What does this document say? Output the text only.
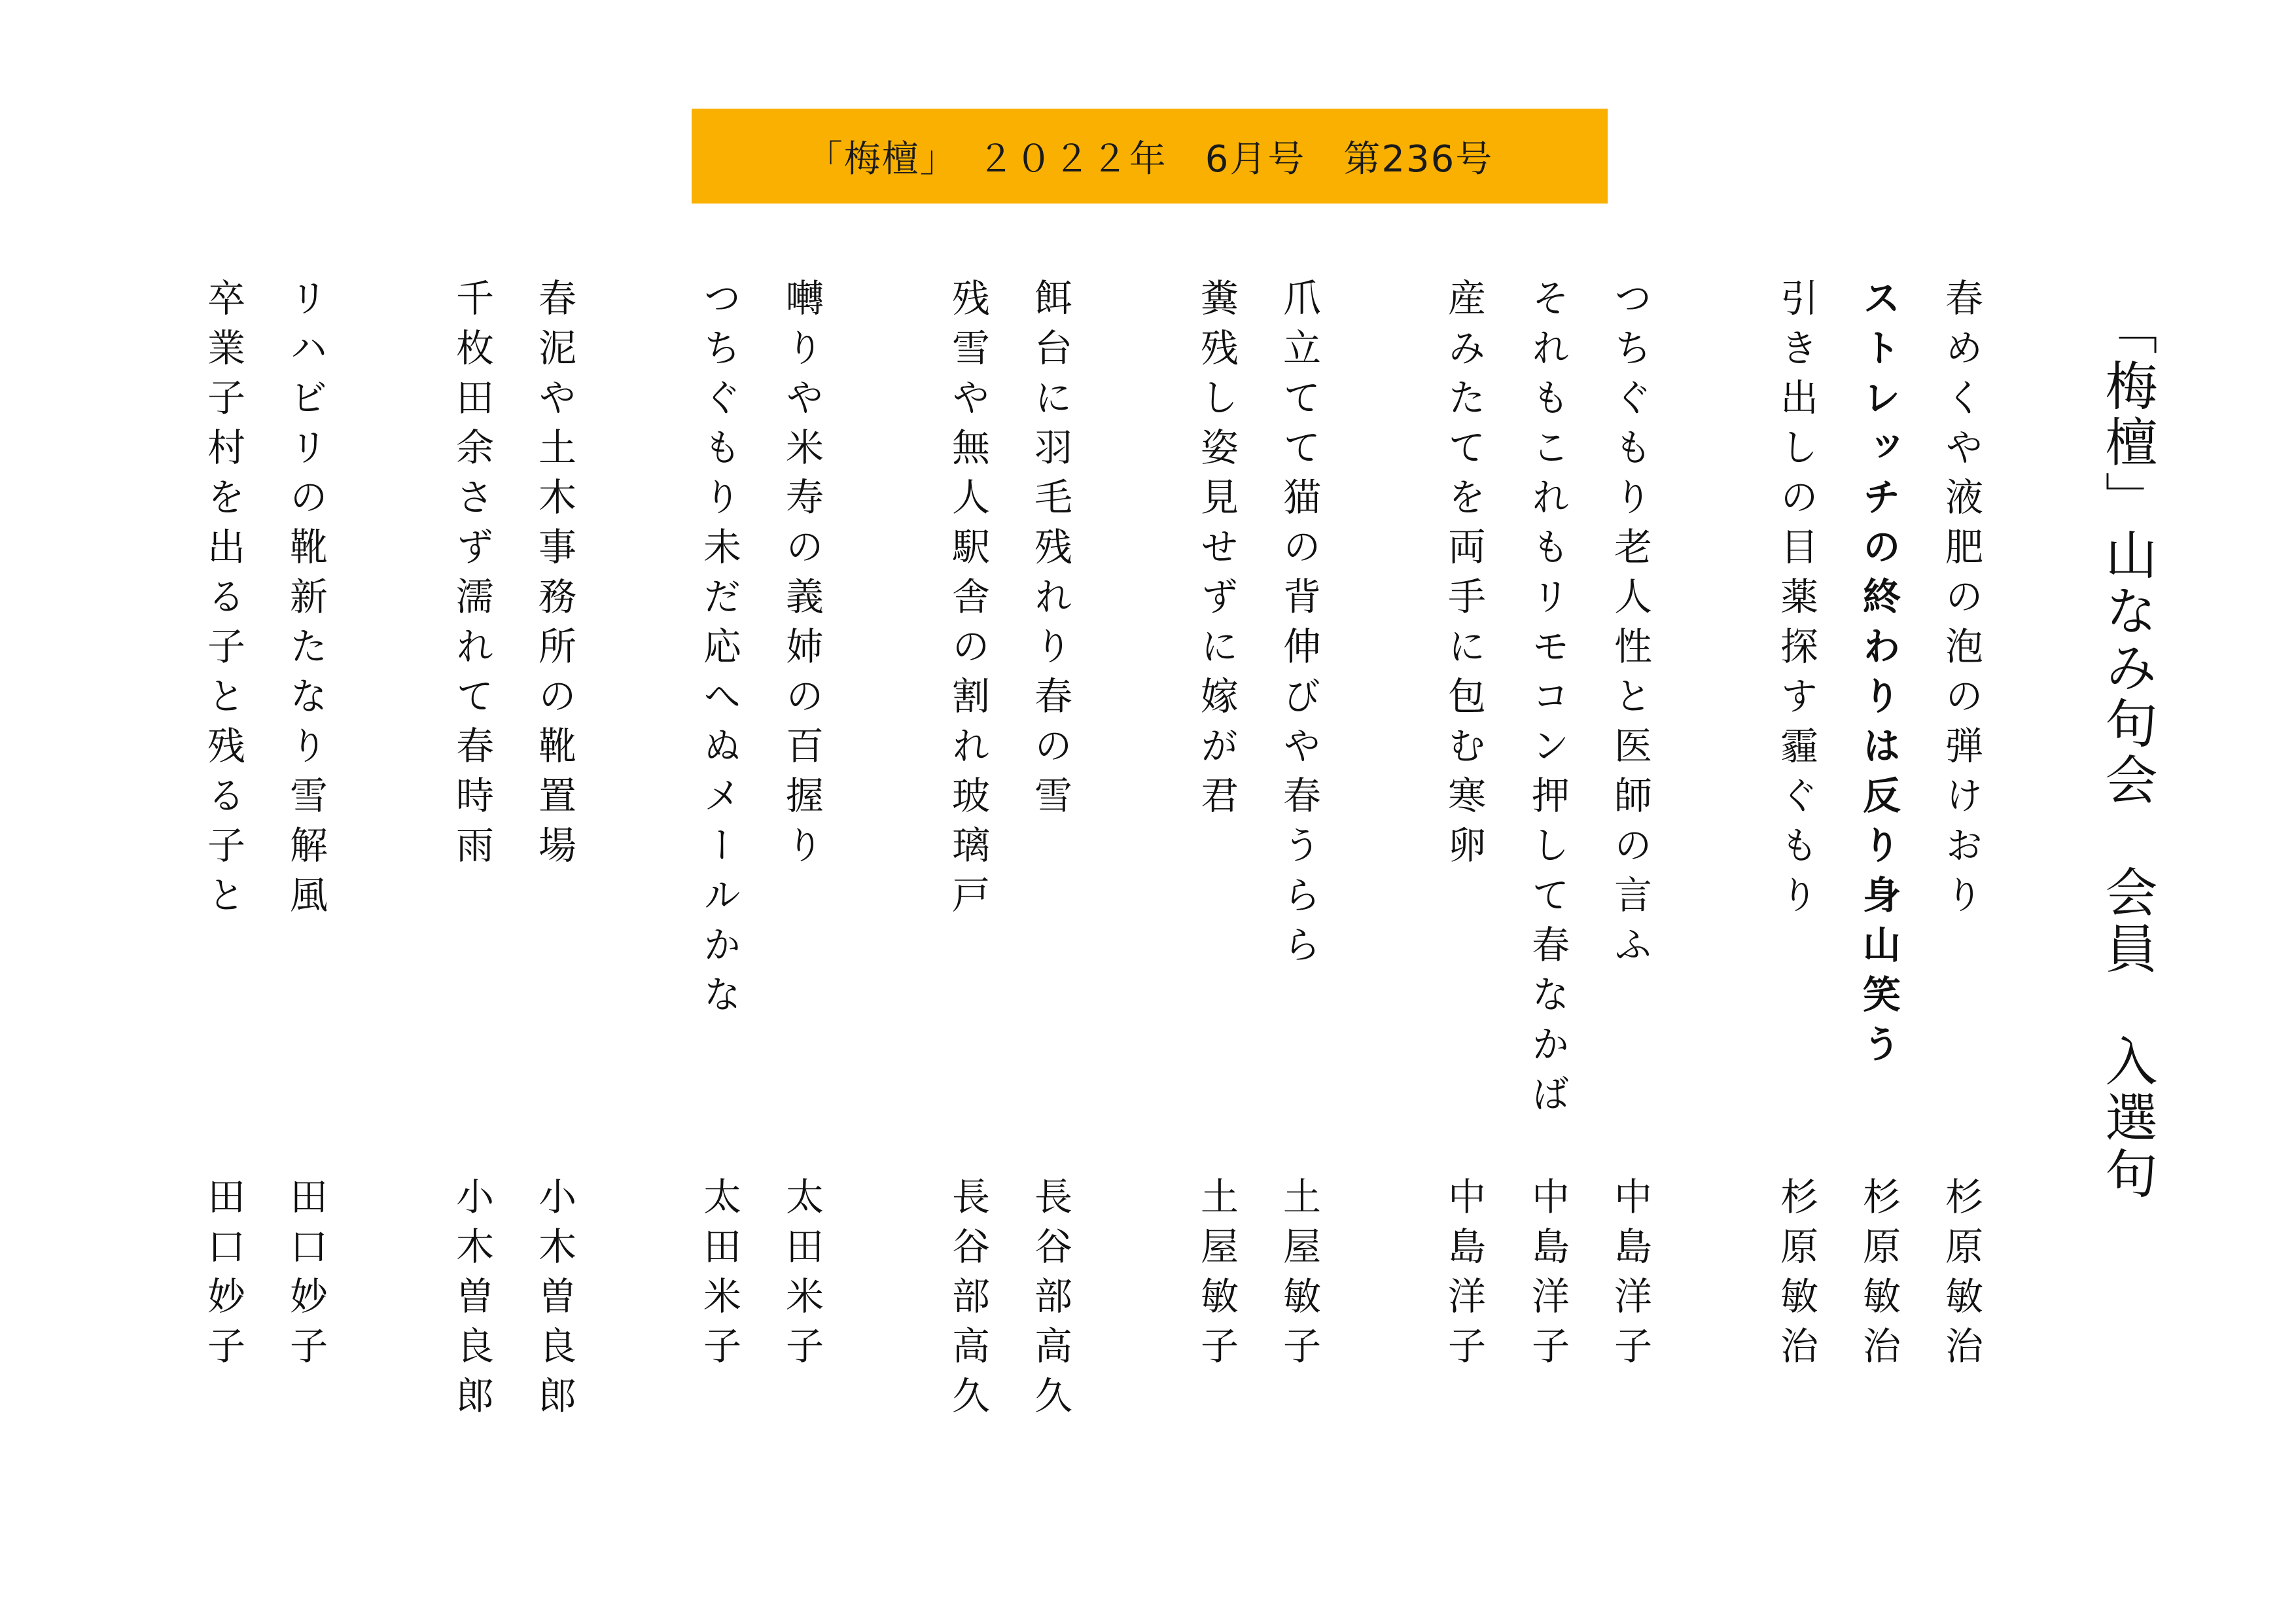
「梅檀」　２０２２年　6月号　第236号
「梅檀」山なみ句会　会員　入選句
春めくや液肥の泡の弾けおり
杉原敏治
ストレッチの終わりは反り身山笑う
杉原敏治
引き出しの目薬探す霾ぐもり
杉原敏治
つちぐもり老人性と医師の言ふ
中島洋子
それもこれもリモコン押して春なかば
中島洋子
産みたてを両手に包む寒卵
中島洋子
爪立てて猫の背伸びや春うらら
土屋敏子
糞残し姿見せずに嫁が君
土屋敏子
餌台に羽毛残れり春の雪
長谷部高久
残雪や無人駅舎の割れ玻璃戸
長谷部高久
囀りや米寿の義姉の百握り
太田米子
つちぐもり未だ応へぬメールかな
太田米子
春泥や土木事務所の靴置場
小木曽良郎
千枚田余さず濡れて春時雨
小木曽良郎
リハビリの靴新たなり雪解風
田口妙子
卒業子村を出る子と残る子と
田口妙子
